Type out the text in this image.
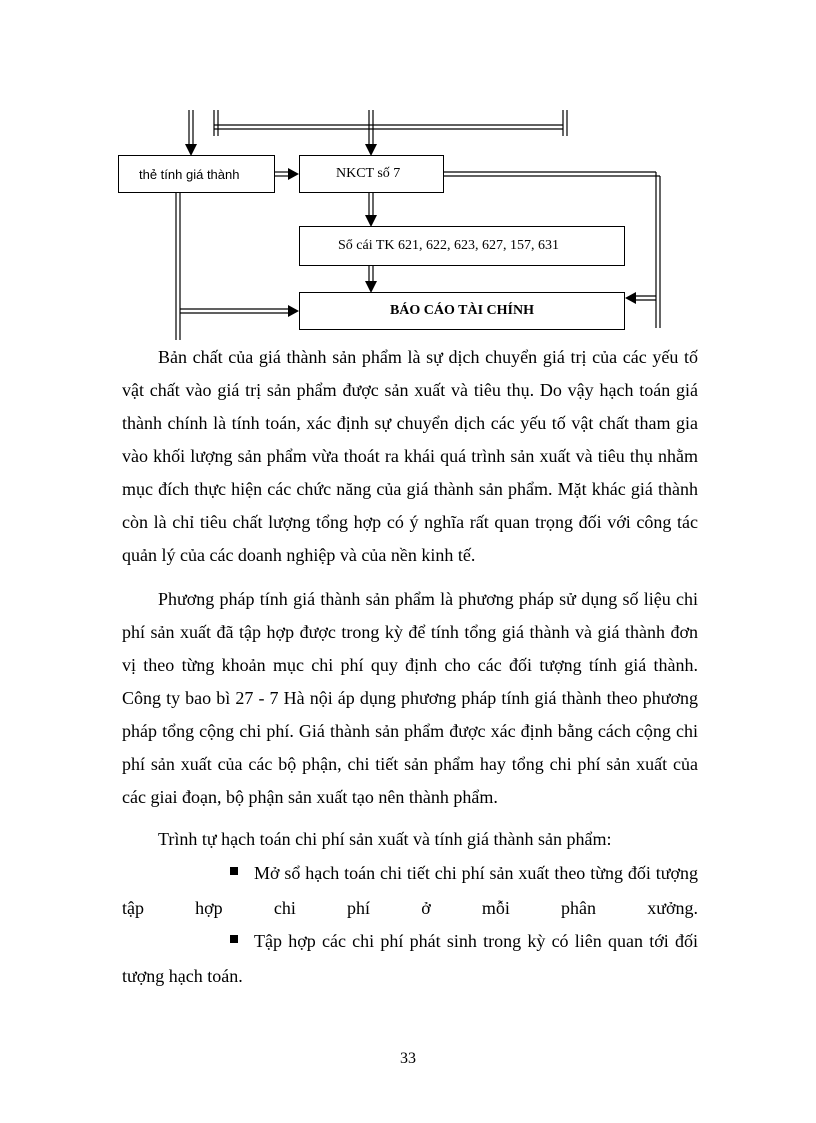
thẻ tính giá thành	NKCT số 7
Sổ cái TK 621, 622, 623, 627, 157, 631
BÁO CÁO TÀI CHÍNH

Bản chất của giá thành sản phẩm là sự dịch chuyển giá trị của các yếu tố vật chất vào giá trị sản phẩm được sản xuất và tiêu thụ. Do vậy hạch toán giá thành chính là tính toán, xác định sự chuyển dịch các yếu tố vật chất tham gia vào khối lượng sản phẩm vừa thoát ra khái quá trình sản xuất và tiêu thụ nhằm mục đích thực hiện các chức năng của giá thành sản phẩm. Mặt khác giá thành còn là chỉ tiêu chất lượng tổng hợp có ý nghĩa rất quan trọng đối với công tác quản lý của các doanh nghiệp và của nền kinh tế.

Phương pháp tính giá thành sản phẩm là phương pháp sử dụng số liệu chi phí sản xuất đã tập hợp được trong kỳ để tính tổng giá thành và giá thành đơn vị theo từng khoản mục chi phí quy định cho các đối tượng tính giá thành. Công ty bao bì 27 - 7 Hà nội áp dụng phương pháp tính giá thành theo phương pháp tổng cộng chi phí. Giá thành sản phẩm được xác định bằng cách cộng chi phí sản xuất của các bộ phận, chi tiết sản phẩm hay tổng chi phí sản xuất của các giai đoạn, bộ phận sản xuất tạo nên thành phẩm.

Trình tự hạch toán chi phí sản xuất và tính giá thành sản phẩm:

Mở sổ hạch toán chi tiết chi phí sản xuất theo từng đối tượng tập hợp chi phí ở mỗi phân xưởng.

Tập hợp các chi phí phát sinh trong kỳ có liên quan tới đối tượng hạch toán.

33
